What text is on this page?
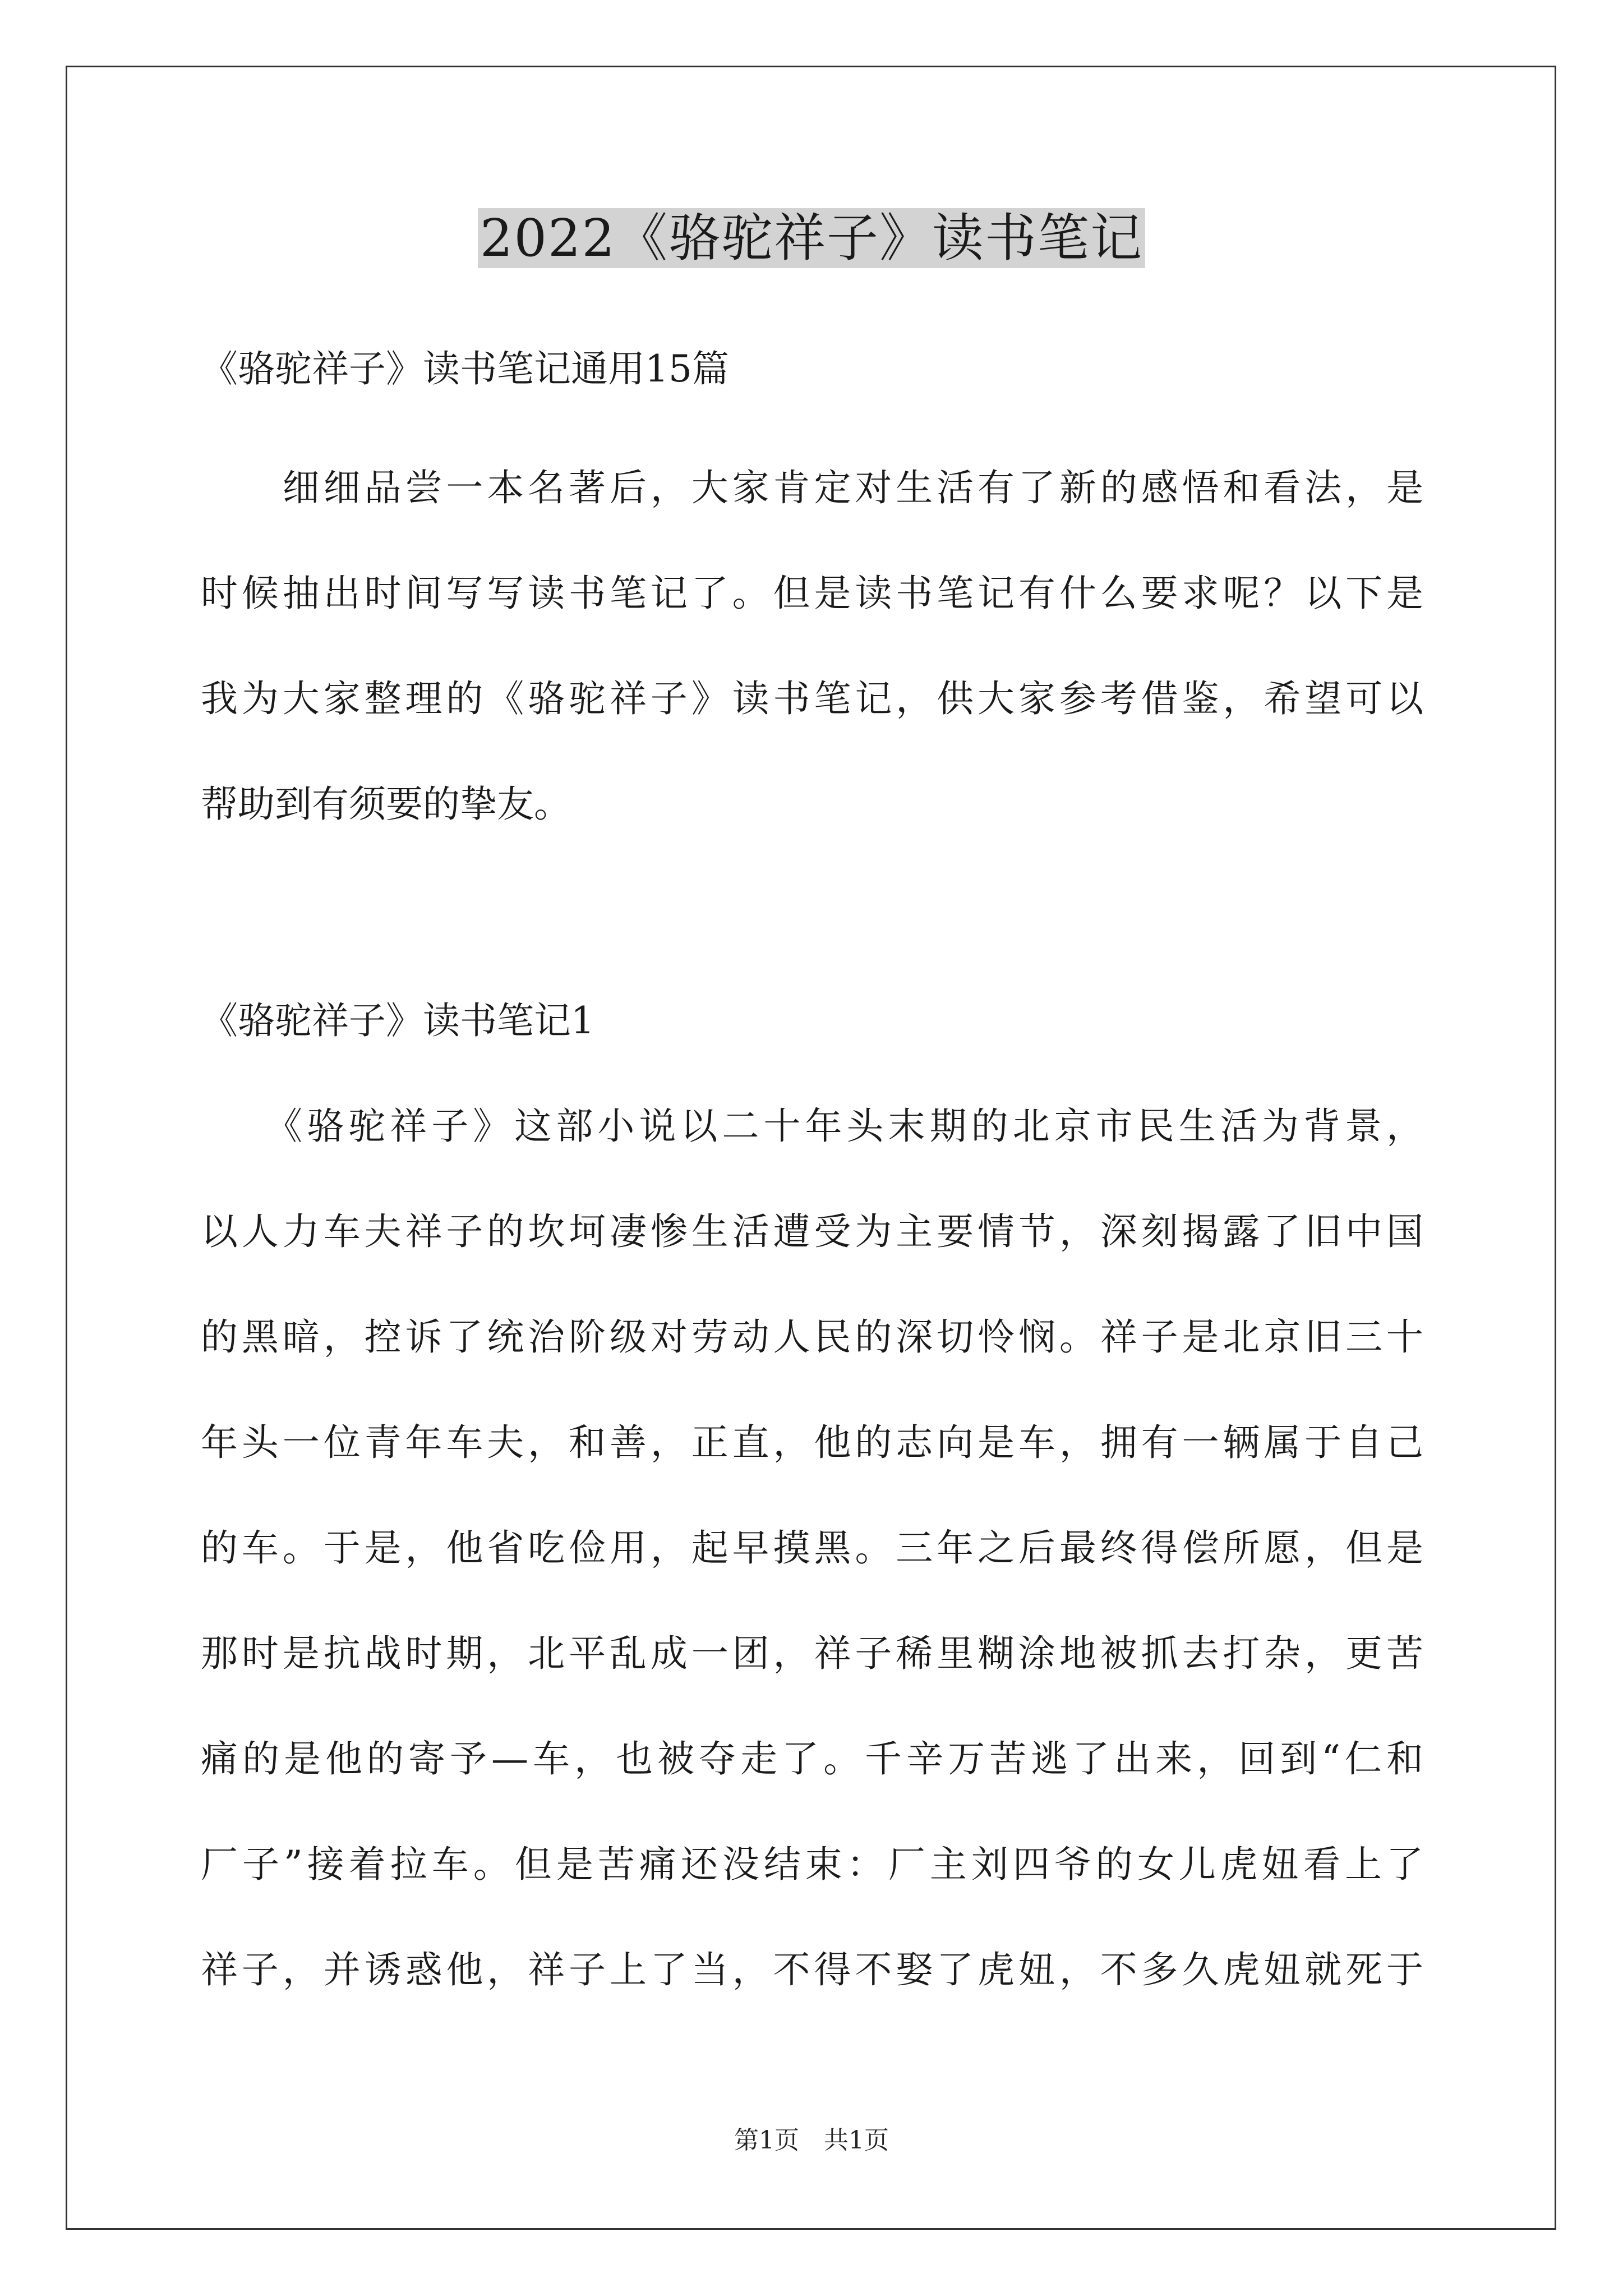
2022《骆驼祥子》读书笔记
《骆驼祥子》读书笔记通用15篇
　　细细品尝一本名著后，大家肯定对生活有了新的感悟和看法，是
时候抽出时间写写读书笔记了。但是读书笔记有什么要求呢？以下是
我为大家整理的《骆驼祥子》读书笔记，供大家参考借鉴，希望可以
帮助到有须要的挚友。
《骆驼祥子》读书笔记1
　　《骆驼祥子》这部小说以二十年头末期的北京市民生活为背景，
以人力车夫祥子的坎坷凄惨生活遭受为主要情节，深刻揭露了旧中国
的黑暗，控诉了统治阶级对劳动人民的深切怜悯。祥子是北京旧三十
年头一位青年车夫，和善，正直，他的志向是车，拥有一辆属于自己
的车。于是，他省吃俭用，起早摸黑。三年之后最终得偿所愿，但是
那时是抗战时期，北平乱成一团，祥子稀里糊涂地被抓去打杂，更苦
痛的是他的寄予—车，也被夺走了。千辛万苦逃了出来，回到“仁和
厂子”接着拉车。但是苦痛还没结束：厂主刘四爷的女儿虎妞看上了
祥子，并诱惑他，祥子上了当，不得不娶了虎妞，不多久虎妞就死于
第1页 共1页
